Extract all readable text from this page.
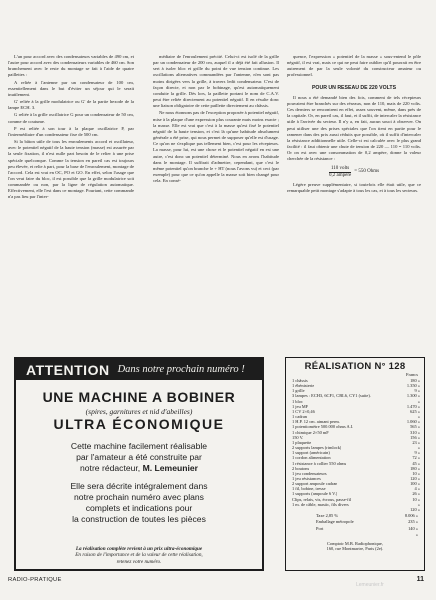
L'un pour accord avec des condensateurs variables de 490 cm, et l'autre pour accord avec des condensateurs variables de 460 cm. Son branchement avec le reste du montage se fait à l'aide de quatre paillettes :

A reliée à l'antenne par un condensateur de 100 cm, essentiellement dans le but d'éviter un séjour qui le serait inutilement.

G' reliée à la grille modulatrice ou G' de la partie hexode de la lampe ECH. 3.

G reliée à la grille oscillatrice G pour un condensateur de 50 cm, comme de coutume.

P est reliée à son tour à la plaque oscillatrice P, par l'intermédiaire d'un condensateur fixe de 500 cm.

Si la bâton utile de tous les enroulements accord et oscillateur, avec le potentiel négatif de la haute tension (masse) est assurée par la seule fixation, il n'est nulle part besoin de le relier à une prise spéciale quelconque. Comme la tension en pareil cas est toujours peu élevée, et relie à part, pour la base de l'enroulement, montage de l'accord. Cela est vrai en OC, PO et GO. En effet, selon l'usage que l'on veut faire du bloc, il est possible que la grille modulatrice soit commandée ou non, par la ligne de régulation automatique. Effectivement, elle l'est dans ce montage. Pourtant, cette commande n'a pas lieu par l'inter-

médiaire de l'enroulement précité. Celui-ci est isolé de la grille par un condensateur de 200 cm, auquel il a déjà été fait allusion. Il sert à isoler bloc et grille du point de vue tension continue. Les oscillations alternatives commandées par l'antenne, n'en sont pas moins dirigées vers la grille, à travers ledit condensateur. C'est de façon directe, et non par le bobinage, qu'est automatiquement conduite la grille. Dès lors, la paillette portant le nom de C.A.V. peut être reliée directement au potentiel négatif. Il en résulte donc une liaison obligatoire de cette paillette directement au châssis.

Ne nous étonnons pas de l'exception proposée à potentiel négatif, mise à la plaque d'une expression plus courante mais moins exacte ; la masse. Elle est vrai que c'est à la masse qu'est fixé le potentiel négatif de la haute tension, et c'est là qu'une habitude absolument générale a été prise, qui nous permet de supposer qu'elle est d'usage. Ce qu'on ne s'explique pas tellement bien, c'est pour les récepteurs. La masse, pour lui, est une chose et le potentiel négatif en est une autre, c'est donc un potentiel déterminé. Nous en avons l'habitude dans le montage. Il suffirait d'admettre, cependant, que c'est le même potentiel qu'on branche le + HT (nous l'avons vu) et ceci (par exemple) pour que ce qu'on appelle la masse soit bien changé pour cela. En consé-

quence, l'expression « potentiel de la masse » sous-entend le pôle négatif, il est vrai, mais ce qui ne peut faire oublier qu'il pourrait en être autrement de par la seule volonté du constructeur amateur ou professionnel.

POUR UN RESEAU DE 220 VOLTS

Il nous a été demandé bien des fois, comment de tels récepteurs pouvaient être branchés sur des réseaux, non de 110, mais de 220 volts. Ces derniers se rencontrent en effet, assez souvent, même, dans près de la capitale. Or, en pareil cas, il faut, et il suffit, de intercaler la résistance utile à l'arrivée du secteur. Il n'y a, en fait, aucun souci à observer. On peut utiliser une des prises spéciales que l'on tient en partie pour le ramener dans des prix aussi réduits que possible, où il suffit d'intercaler la résistance additionnelle utile. Celle-ci est calculée avec le plus grand facilité : il faut obtenir une chute de tension de 220 — 110 = 110 volts. Or on est avec une consommation de 0,2 ampère, donne la valeur cherchée de la résistance :

$\frac{\text{110 volts}}{\text{0,2 ampère}} = 550$ Ohms

Légère preuve supplémentaire, si toutefois elle était utile, que ce remarquable petit montage s'adapte à tous les cas, et à tous les secteurs.

ATTENTION Dans notre prochain numéro !
UNE MACHINE A BOBINER
(spires, garnitures et nid d'abeilles)
ULTRA ÉCONOMIQUE
Cette machine facilement réalisable
par l'amateur a été construite par
notre rédacteur, M. Lemeunier
Elle sera décrite intégralement dans
notre prochain numéro avec plans
complets et indications pour
la construction de toutes les pièces
La réalisation complète revient à un prix ultra-économique
En raison de l'importance et de la valeur de cette réalisation,
retenez votre numéro.
RÉALISATION N° 128
Francs
1 châssis	180 »
1 ébénisterie	1.350 »
1 grille	9 »
3 lampes : ECH3, 6CF1, CBL6, CY1 (suite).	1.300 »
1 bloc	»
1 jeu MF	1.470 »
1 CV 2×0,46	625 »
1 cadran	»
1 H.P. 12 cm. aimant perm.	1.060 »
1 potentiomètre 500.000 ohms A.I.	565 »
1 chimique 2×50 mF	310 »
150 V.	156 »
1 plaquette	23 »
2 supports lampes (rimlock)	»
1 support (américain)	9 »
1 cordon alimentation	72 »
1 résistance à collier 550 ohms	45 »
2 boutons	180 »
1 jeu condensateurs	10 »
1 jeu résistances	120 »
2 support ampoule cadran	100 »
1 fil, bobine, tresse	4 »
1 supports (ampoule 6 V.)	26 »
Clips, relais, vis, écrous, passe-fil	10 »
1 m. de câble, mastic, fils divers	»
120 »
Taxe 2,85 %	8.006 »
Emballage métropole	235 »
Port	140 »
»
Comptoir M.B. Radiophonique,
160, rue Montmartre, Paris (2e).
RADIO-PRATIQUE	11
Lemeunier.fr
